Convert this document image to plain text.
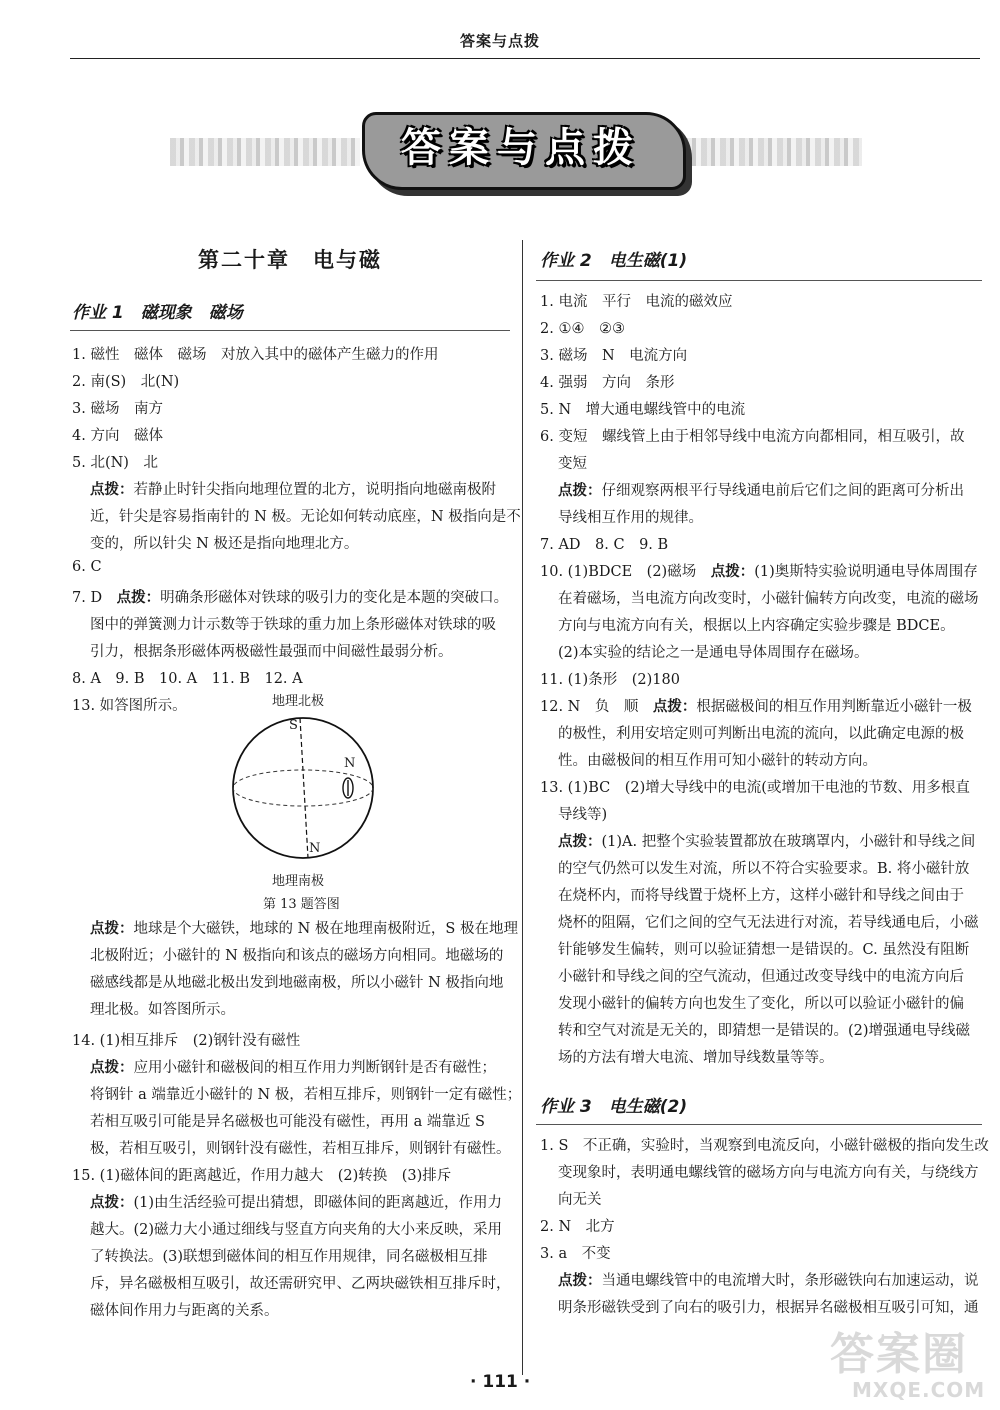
答案与点拨
答案与点拨
第二十章　电与磁
作业 1　磁现象　磁场
1. 磁性　磁体　磁场　对放入其中的磁体产生磁力的作用
2. 南(S)　北(N)
3. 磁场　南方
4. 方向　磁体
5. 北(N)　北
点拨：若静止时针尖指向地理位置的北方，说明指向地磁南极附
近，针尖是容易指南针的 N 极。无论如何转动底座，N 极指向是不
变的，所以针尖 N 极还是指向地理北方。
6. C
7. D　点拨：明确条形磁体对铁球的吸引力的变化是本题的突破口。
图中的弹簧测力计示数等于铁球的重力加上条形磁体对铁球的吸
引力，根据条形磁体两极磁性最强而中间磁性最弱分析。
8. A　9. B　10. A　11. B　12. A
13. 如答图所示。	地理北极
S
N
N
地理南极
第 13 题答图
点拨：地球是个大磁铁，地球的 N 极在地理南极附近，S 极在地理
北极附近；小磁针的 N 极指向和该点的磁场方向相同。地磁场的
磁感线都是从地磁北极出发到地磁南极，所以小磁针 N 极指向地
理北极。如答图所示。
14. (1)相互排斥　(2)钢针没有磁性
点拨：应用小磁针和磁极间的相互作用力判断钢针是否有磁性；
将钢针 a 端靠近小磁针的 N 极，若相互排斥，则钢针一定有磁性；
若相互吸引可能是异名磁极也可能没有磁性，再用 a 端靠近 S
极，若相互吸引，则钢针没有磁性，若相互排斥，则钢针有磁性。
15. (1)磁体间的距离越近，作用力越大　(2)转换　(3)排斥
点拨：(1)由生活经验可提出猜想，即磁体间的距离越近，作用力
越大。(2)磁力大小通过细线与竖直方向夹角的大小来反映，采用
了转换法。(3)联想到磁体间的相互作用规律，同名磁极相互排
斥，异名磁极相互吸引，故还需研究甲、乙两块磁铁相互排斥时，
磁体间作用力与距离的关系。
作业 2　电生磁(1)
1. 电流　平行　电流的磁效应
2. ①④　②③
3. 磁场　N　电流方向
4. 强弱　方向　条形
5. N　增大通电螺线管中的电流
6. 变短　螺线管上由于相邻导线中电流方向都相同，相互吸引，故
变短
点拨：仔细观察两根平行导线通电前后它们之间的距离可分析出
导线相互作用的规律。
7. AD　8. C　9. B
10. (1)BDCE　(2)磁场　点拨：(1)奥斯特实验说明通电导体周围存
在着磁场，当电流方向改变时，小磁针偏转方向改变，电流的磁场
方向与电流方向有关，根据以上内容确定实验步骤是 BDCE。
(2)本实验的结论之一是通电导体周围存在磁场。
11. (1)条形　(2)180
12. N　负　顺　点拨：根据磁极间的相互作用判断靠近小磁针一极
的极性，利用安培定则可判断出电流的流向，以此确定电源的极
性。由磁极间的相互作用可知小磁针的转动方向。
13. (1)BC　(2)增大导线中的电流(或增加干电池的节数、用多根直
导线等)
点拨：(1)A. 把整个实验装置都放在玻璃罩内，小磁针和导线之间
的空气仍然可以发生对流，所以不符合实验要求。B. 将小磁针放
在烧杯内，而将导线置于烧杯上方，这样小磁针和导线之间由于
烧杯的阻隔，它们之间的空气无法进行对流，若导线通电后，小磁
针能够发生偏转，则可以验证猜想一是错误的。C. 虽然没有阻断
小磁针和导线之间的空气流动，但通过改变导线中的电流方向后
发现小磁针的偏转方向也发生了变化，所以可以验证小磁针的偏
转和空气对流是无关的，即猜想一是错误的。(2)增强通电导线磁
场的方法有增大电流、增加导线数量等等。
作业 3　电生磁(2)
1. S　不正确，实验时，当观察到电流反向，小磁针磁极的指向发生改
变现象时，表明通电螺线管的磁场方向与电流方向有关，与绕线方
向无关
2. N　北方
3. a　不变
点拨：当通电螺线管中的电流增大时，条形磁铁向右加速运动，说
明条形磁铁受到了向右的吸引力，根据异名磁极相互吸引可知，通
· 111 ·
答案圈
MXQE.COM
